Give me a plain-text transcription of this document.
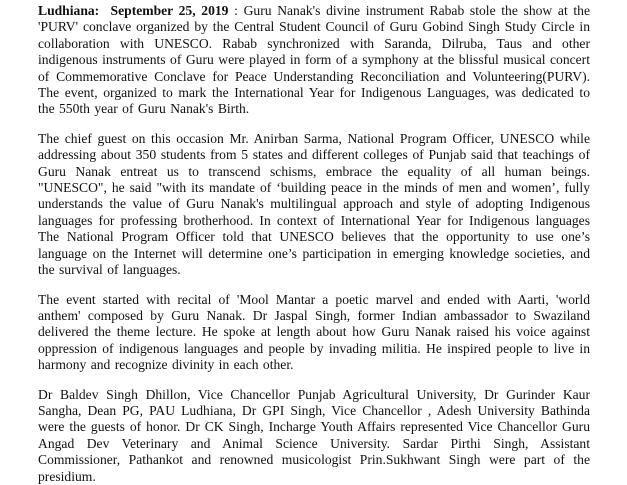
Ludhiana:  September 25, 2019 : Guru Nanak's divine instrument Rabab stole the show at the 'PURV' conclave organized by the Central Student Council of Guru Gobind Singh Study Circle in collaboration with UNESCO. Rabab synchronized with Saranda, Dilruba, Taus and other indigenous instruments of Guru were played in form of a symphony at the blissful musical concert of Commemorative Conclave for Peace Understanding Reconciliation and Volunteering(PURV). The event, organized to mark the International Year for Indigenous Languages, was dedicated to the 550th year of Guru Nanak's Birth.

The chief guest on this occasion Mr. Anirban Sarma, National Program Officer, UNESCO while addressing about 350 students from 5 states and different colleges of Punjab said that teachings of Guru Nanak entreat us to transcend schisms, embrace the equality of all human beings. "UNESCO", he said "with its mandate of ‘building peace in the minds of men and women’, fully understands the value of Guru Nanak's multilingual approach and style of adopting Indigenous languages for professing brotherhood. In context of International Year for Indigenous languages The National Program Officer told that UNESCO believes that the opportunity to use one’s language on the Internet will determine one’s participation in emerging knowledge societies, and the survival of languages.

The event started with recital of 'Mool Mantar a poetic marvel and ended with Aarti, 'world anthem' composed by Guru Nanak. Dr Jaspal Singh, former Indian ambassador to Swaziland delivered the theme lecture. He spoke at length about how Guru Nanak raised his voice against oppression of indigenous languages and people by invading militia. He inspired people to live in harmony and recognize divinity in each other.

Dr Baldev Singh Dhillon, Vice Chancellor Punjab Agricultural University, Dr Gurinder Kaur Sangha, Dean PG, PAU Ludhiana, Dr GPI Singh, Vice Chancellor , Adesh University Bathinda were the guests of honor. Dr CK Singh, Incharge Youth Affairs represented Vice Chancellor Guru Angad Dev Veterinary and Animal Science University. Sardar Pirthi Singh, Assistant Commissioner, Pathankot and renowned musicologist Prin.Sukhwant Singh were part of the presidium.
